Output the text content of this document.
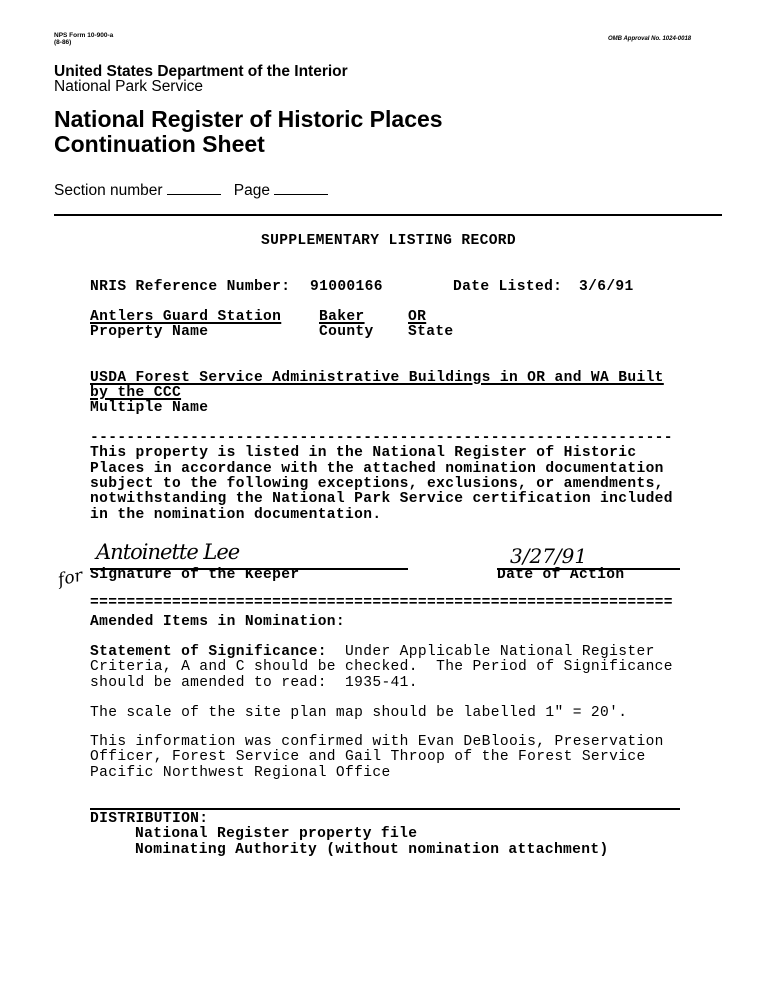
NPS Form 10-900-a
(8-86)	OMB Approval No. 1024-0018
United States Department of the Interior
National Park Service
National Register of Historic Places
Continuation Sheet
Section number	Page
SUPPLEMENTARY LISTING RECORD
NRIS Reference Number: 91000166	Date Listed: 3/6/91
Antlers Guard Station	Baker	OR
Property Name	County State
USDA Forest Service Administrative Buildings in OR and WA Built
by the CCC
Multiple Name
----------------------------------------------------------------
This property is listed in the National Register of Historic
Places in accordance with the attached nomination documentation
subject to the following exceptions, exclusions, or amendments,
notwithstanding the National Park Service certification included
in the nomination documentation.
Antoinette Lee
for
3/27/91
Signature of the Keeper	Date of Action
================================================================
Amended Items in Nomination:
Statement of Significance:  Under Applicable National Register
Criteria, A and C should be checked.  The Period of Significance
should be amended to read:  1935-41.
The scale of the site plan map should be labelled 1" = 20'.
This information was confirmed with Evan DeBloois, Preservation
Officer, Forest Service and Gail Throop of the Forest Service
Pacific Northwest Regional Office
DISTRIBUTION:
National Register property file
Nominating Authority (without nomination attachment)
